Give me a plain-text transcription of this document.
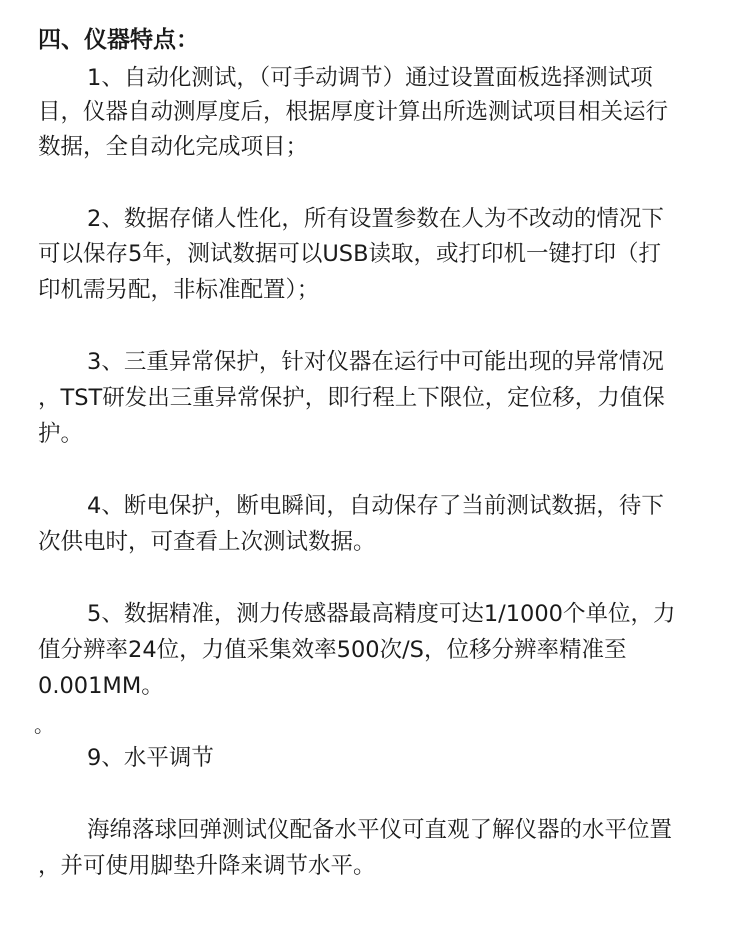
四、仪器特点：
1、自动化测试，（可手动调节）通过设置面板选择测试项
目，仪器自动测厚度后，根据厚度计算出所选测试项目相关运行
数据，全自动化完成项目；
2、数据存储人性化，所有设置参数在人为不改动的情况下
可以保存5年，测试数据可以USB读取，或打印机一键打印（打
印机需另配，非标准配置）；
3、三重异常保护，针对仪器在运行中可能出现的异常情况
，TST研发出三重异常保护，即行程上下限位，定位移，力值保
护。
4、断电保护，断电瞬间，自动保存了当前测试数据，待下
次供电时，可查看上次测试数据。
5、数据精准，测力传感器最高精度可达1/1000个单位，力
值分辨率24位，力值采集效率500次/S，位移分辨率精准至
0.001MM。
。
9、水平调节
海绵落球回弹测试仪配备水平仪可直观了解仪器的水平位置
，并可使用脚垫升降来调节水平。
